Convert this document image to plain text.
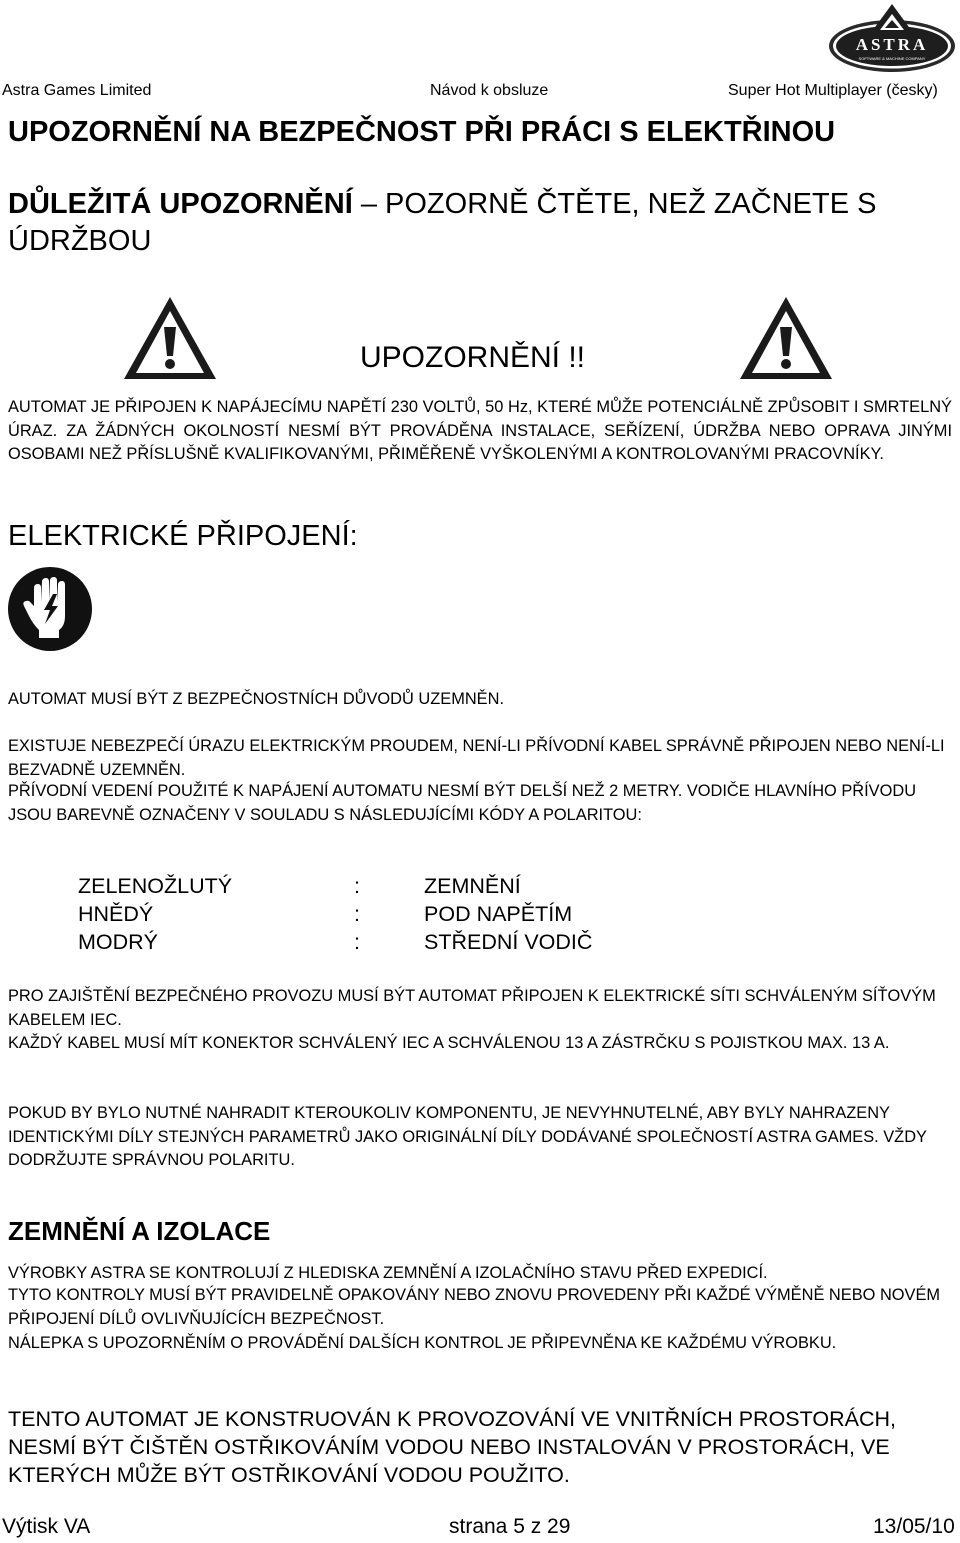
ASTRA
SOFTWARE & MACHINE COMPANY
Astra Games Limited	Návod k obsluze	Super Hot Multiplayer (česky)
UPOZORNĚNÍ NA BEZPEČNOST PŘI PRÁCI S ELEKTŘINOU

DŮLEŽITÁ UPOZORNĚNÍ – POZORNĚ ČTĚTE, NEŽ ZAČNETE S ÚDRŽBOU

UPOZORNĚNÍ !!

AUTOMAT JE PŘIPOJEN K NAPÁJECÍMU NAPĚTÍ 230 VOLTŮ, 50 Hz, KTERÉ MŮŽE POTENCIÁLNĚ ZPŮSOBIT I SMRTELNÝ ÚRAZ. ZA ŽÁDNÝCH OKOLNOSTÍ NESMÍ BÝT PROVÁDĚNA INSTALACE, SEŘÍZENÍ, ÚDRŽBA NEBO OPRAVA JINÝMI OSOBAMI NEŽ PŘÍSLUŠNĚ KVALIFIKOVANÝMI, PŘIMĚŘENĚ VYŠKOLENÝMI A KONTROLOVANÝMI PRACOVNÍKY.

ELEKTRICKÉ PŘIPOJENÍ:

AUTOMAT MUSÍ BÝT Z BEZPEČNOSTNÍCH DŮVODŮ UZEMNĚN.

EXISTUJE NEBEZPEČÍ ÚRAZU ELEKTRICKÝM PROUDEM, NENÍ-LI PŘÍVODNÍ KABEL SPRÁVNĚ PŘIPOJEN NEBO NENÍ-LI BEZVADNĚ UZEMNĚN.

PŘÍVODNÍ VEDENÍ POUŽITÉ K NAPÁJENÍ AUTOMATU NESMÍ BÝT DELŠÍ NEŽ 2 METRY. VODIČE HLAVNÍHO PŘÍVODU JSOU BAREVNĚ OZNAČENY V SOULADU S NÁSLEDUJÍCÍMI KÓDY A POLARITOU:

ZELENOŽLUTÝ	:	ZEMNĚNÍ
HNĚDÝ	:	POD NAPĚTÍM
MODRÝ	:	STŘEDNÍ VODIČ

PRO ZAJIŠTĚNÍ BEZPEČNÉHO PROVOZU MUSÍ BÝT AUTOMAT PŘIPOJEN K ELEKTRICKÉ SÍTI SCHVÁLENÝM SÍŤOVÝM KABELEM IEC.

KAŽDÝ KABEL MUSÍ MÍT KONEKTOR SCHVÁLENÝ IEC A SCHVÁLENOU 13 A ZÁSTRČKU S POJISTKOU MAX. 13 A.

POKUD BY BYLO NUTNÉ NAHRADIT KTEROUKOLIV KOMPONENTU, JE NEVYHNUTELNÉ, ABY BYLY NAHRAZENY IDENTICKÝMI DÍLY STEJNÝCH PARAMETRŮ JAKO ORIGINÁLNÍ DÍLY DODÁVANÉ SPOLEČNOSTÍ ASTRA GAMES. VŽDY DODRŽUJTE SPRÁVNOU POLARITU.

ZEMNĚNÍ A IZOLACE

VÝROBKY ASTRA SE KONTROLUJÍ Z HLEDISKA ZEMNĚNÍ A IZOLAČNÍHO STAVU PŘED EXPEDICÍ.

TYTO KONTROLY MUSÍ BÝT PRAVIDELNĚ OPAKOVÁNY NEBO ZNOVU PROVEDENY PŘI KAŽDÉ VÝMĚNĚ NEBO NOVÉM PŘIPOJENÍ DÍLŮ OVLIVŇUJÍCÍCH BEZPEČNOST.

NÁLEPKA S UPOZORNĚNÍM O PROVÁDĚNÍ DALŠÍCH KONTROL JE PŘIPEVNĚNA KE KAŽDÉMU VÝROBKU.

TENTO AUTOMAT JE KONSTRUOVÁN K PROVOZOVÁNÍ VE VNITŘNÍCH PROSTORÁCH, NESMÍ BÝT ČIŠTĚN OSTŘIKOVÁNÍM VODOU NEBO INSTALOVÁN V PROSTORÁCH, VE KTERÝCH MŮŽE BÝT OSTŘIKOVÁNÍ VODOU POUŽITO.

Výtisk VA	strana 5 z 29	13/05/10
